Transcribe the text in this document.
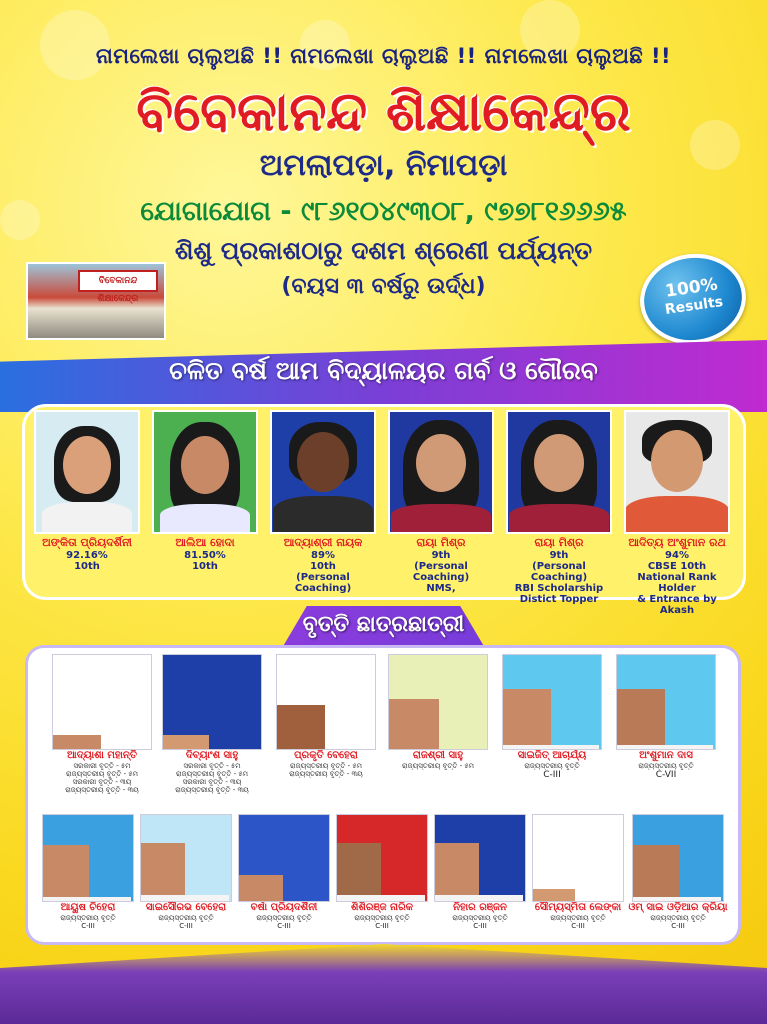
ନାମଲେଖା ଚାଲୁଅଛି !! ନାମଲେଖା ଚାଲୁଅଛି !! ନାମଲେଖା ଚାଲୁଅଛି !!
ବିବେକାନନ୍ଦ ଶିକ୍ଷାକେନ୍ଦ୍ର
ଅମଲାପଡ଼ା, ନିମାପଡ଼ା
ଯୋଗାଯୋଗ - ୯୮୬୧୦୪୯୩୦୮, ୯୭୭୮୧୬୬୬୫
ଶିଶୁ ପ୍ରକାଶଠାରୁ ଦଶମ ଶ୍ରେଣୀ ପର୍ଯ୍ୟନ୍ତ
(ବୟସ ୩ ବର୍ଷରୁ ଉର୍ଦ୍ଧ)
ବିବେକାନନ୍ଦ ଶିକ୍ଷାକେନ୍ଦ୍ର	100%
Results
ଚଳିତ ବର୍ଷ ଆମ ବିଦ୍ୟାଳୟର ଗର୍ବ ଓ ଗୌରବ
ଅଙ୍କିତା ପ୍ରିୟଦର୍ଶିନୀ
92.16%
10th
ଆଲିଆ ହୋଦା
81.50%
10th
ଆଦ୍ୟାଶ୍ରୀ ନାୟକ
89%
10th
(Personal Coaching)
ରାୟା ମିଶ୍ର
9th
(Personal Coaching)
NMS,
ରାୟା ମିଶ୍ର
9th
(Personal Coaching)
RBI Scholarship
Distict Topper
ଆଦିତ୍ୟ ଅଂଶୁମାନ ରଥ
94%
CBSE 10th
National Rank Holder
& Entrance by Akash
ବୃତ୍ତି ଛାତ୍ରଛାତ୍ରୀ
ଆଦ୍ୟାଶା ମହାନ୍ତି
ସରକାରୀ ବୃତ୍ତି - ୫ମ
ରାଜ୍ୟସ୍ତରୀୟ ବୃତ୍ତି - ୫ମ
ସରକାରୀ ବୃତ୍ତି - ୩ୟ
ରାଜ୍ୟସ୍ତରୀୟ ବୃତ୍ତି - ୩ୟ
ଦିବ୍ୟାଂଶ ସାହୁ
ସରକାରୀ ବୃତ୍ତି - ୫ମ
ରାଜ୍ୟସ୍ତରୀୟ ବୃତ୍ତି - ୫ମ
ସରକାରୀ ବୃତ୍ତି - ୩ୟ
ରାଜ୍ୟସ୍ତରୀୟ ବୃତ୍ତି - ୩ୟ
ପ୍ରକୃତି ବେହେରା
ରାଜ୍ୟସ୍ତରୀୟ ବୃତ୍ତି - ୫ମ
ରାଜ୍ୟସ୍ତରୀୟ ବୃତ୍ତି - ୩ୟ
ରାଜଶ୍ରୀ ସାହୁ
ରାଜ୍ୟସ୍ତରୀୟ ବୃତ୍ତି - ୫ମ
ସାଇଜିତ୍ ଆଚାର୍ଯ୍ୟ
ରାଜ୍ୟସ୍ତରୀୟ ବୃତ୍ତି
C-III
ଅଂଶୁମାନ ଦାସ
ରାଜ୍ୟସ୍ତରୀୟ ବୃତ୍ତି
C-VII
ଆୟୁଷ ଚିହେରା
ରାଜ୍ୟସ୍ତରୀୟ ବୃତ୍ତି
C-III
ସାଇସୌରଭ ବେହେରା
ରାଜ୍ୟସ୍ତରୀୟ ବୃତ୍ତି
C-III
ବର୍ଷା ପ୍ରିୟଦର୍ଶିନୀ
ରାଜ୍ୟସ୍ତରୀୟ ବୃତ୍ତି
C-III
ଶିଶିରଞ୍ଜ ନାରିକ
ରାଜ୍ୟସ୍ତରୀୟ ବୃତ୍ତି
C-III
ନିହାର ରଞ୍ଜନ
ରାଜ୍ୟସ୍ତରୀୟ ବୃତ୍ତି
C-III
ସୌମ୍ୟସ୍ମିତା ଲେଙ୍କା
ରାଜ୍ୟସ୍ତରୀୟ ବୃତ୍ତି
C-III
ଓମ୍ ସାଇ ଓଡ଼ିଆର କ୍ରିୟା
ରାଜ୍ୟସ୍ତରୀୟ ବୃତ୍ତି
C-III
